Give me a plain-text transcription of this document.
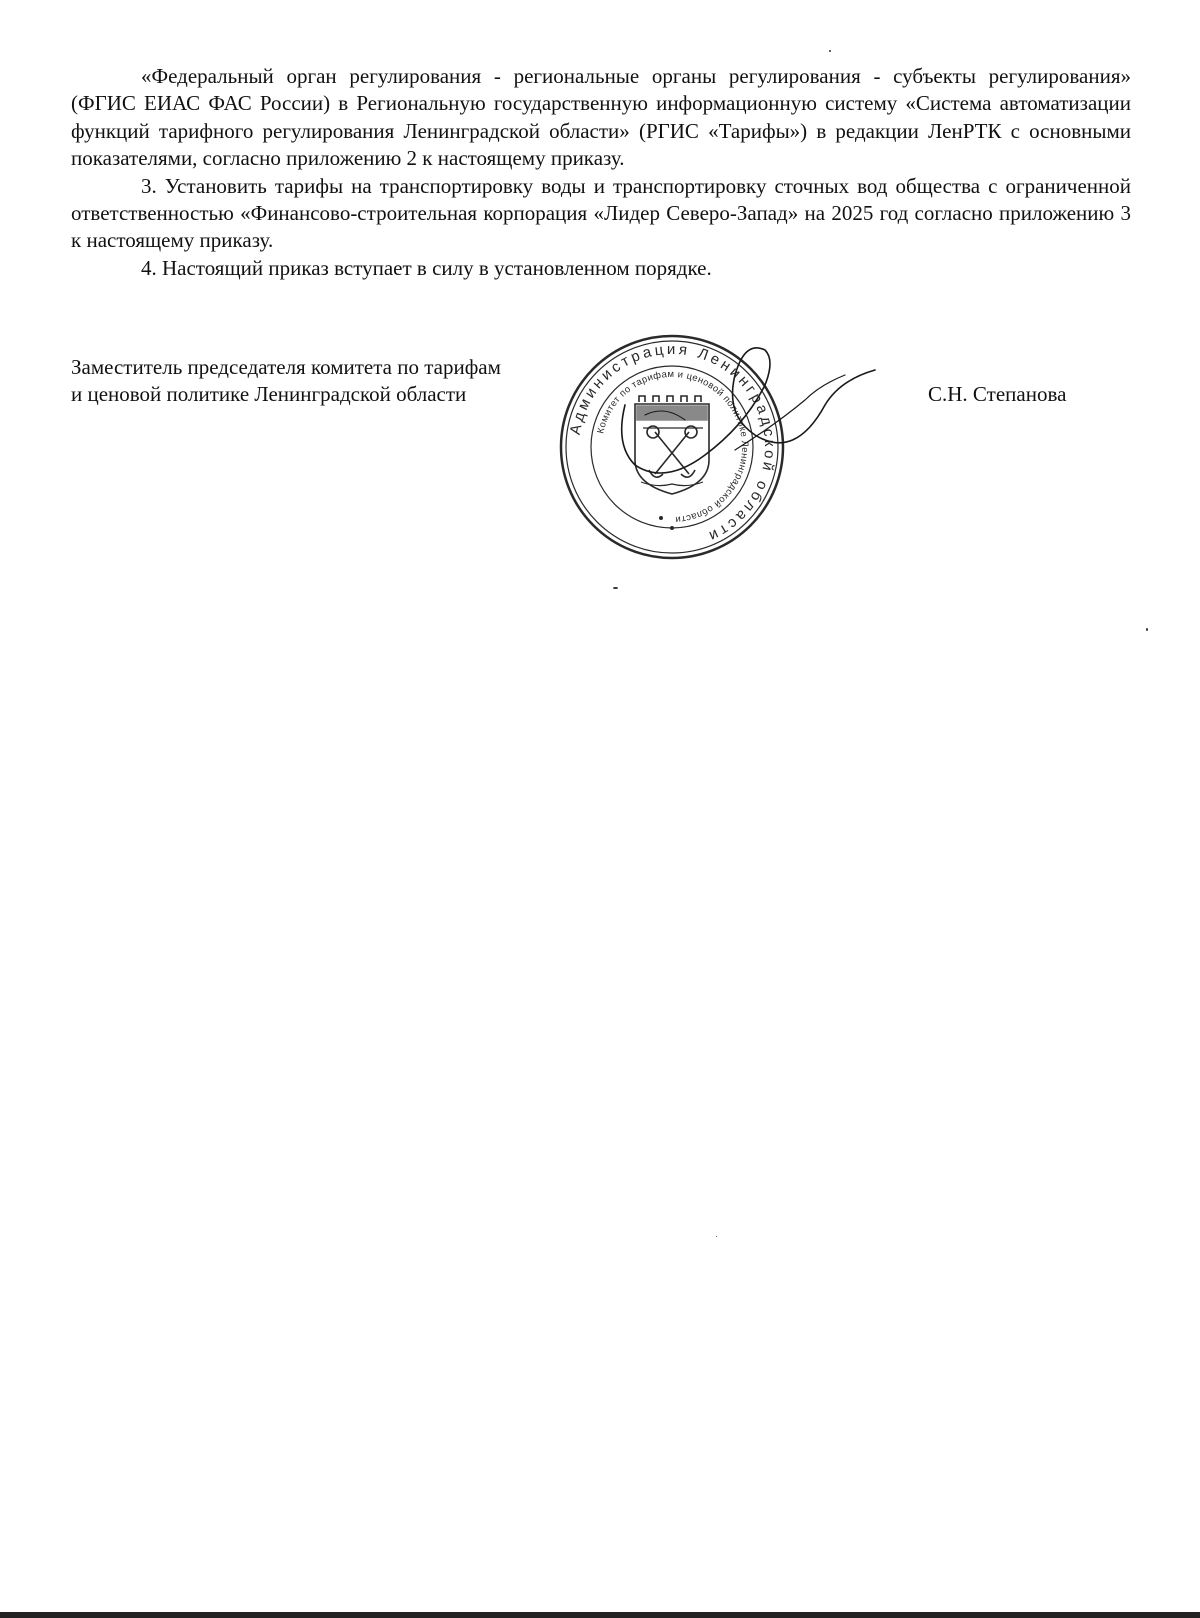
«Федеральный орган регулирования - региональные органы регулирования - субъекты регулирования» (ФГИС ЕИАС ФАС России) в Региональную государственную информационную систему «Система автоматизации функций тарифного регулирования Ленинградской области» (РГИС «Тарифы») в редакции ЛенРТК с основными показателями, согласно приложению 2 к настоящему приказу.

3. Установить тарифы на транспортировку воды и транспортировку сточных вод общества с ограниченной ответственностью «Финансово-строительная корпорация «Лидер Северо-Запад» на 2025 год согласно приложению 3 к настоящему приказу.

4. Настоящий приказ вступает в силу в установленном порядке.

Заместитель председателя комитета по тарифам
и ценовой политике Ленинградской области	С.Н. Степанова
Администрация Ленинградской области
Комитет по тарифам и ценовой политике Ленинградской области
